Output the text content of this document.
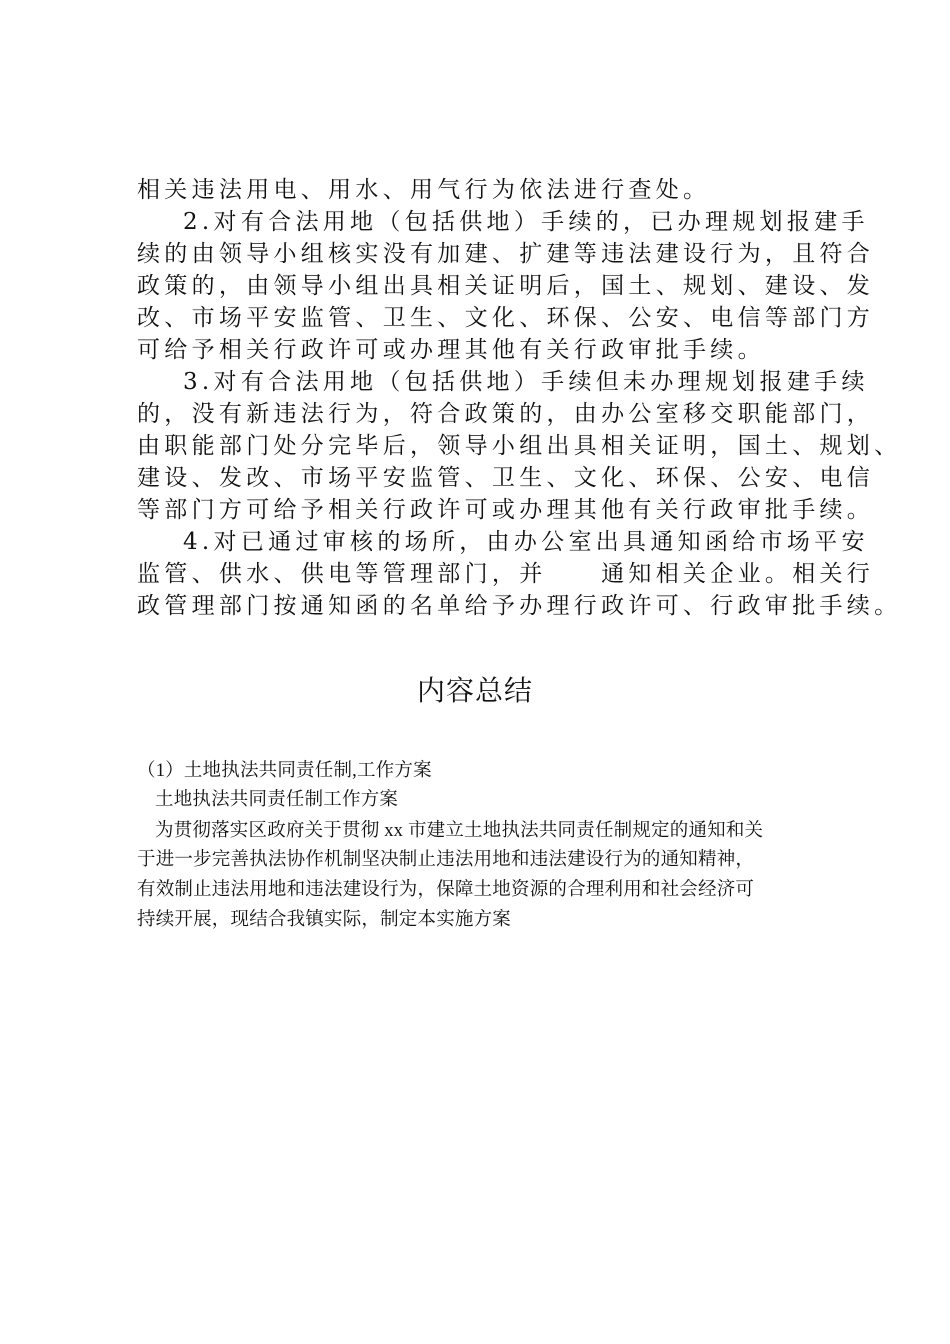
相关违法用电、用水、用气行为依法进行查处。
2.对有合法用地（包括供地）手续的，已办理规划报建手
续的由领导小组核实没有加建、扩建等违法建设行为，且符合
政策的，由领导小组出具相关证明后，国土、规划、建设、发
改、市场平安监管、卫生、文化、环保、公安、电信等部门方
可给予相关行政许可或办理其他有关行政审批手续。
3.对有合法用地（包括供地）手续但未办理规划报建手续
的，没有新违法行为，符合政策的，由办公室移交职能部门，
由职能部门处分完毕后，领导小组出具相关证明，国土、规划、
建设、发改、市场平安监管、卫生、文化、环保、公安、电信
等部门方可给予相关行政许可或办理其他有关行政审批手续。
4.对已通过审核的场所，由办公室出具通知函给市场平安
监管、供水、供电等管理部门，并　　通知相关企业。相关行
政管理部门按通知函的名单给予办理行政许可、行政审批手续。
内容总结
（1）土地执法共同责任制,工作方案
土地执法共同责任制工作方案
为贯彻落实区政府关于贯彻 xx 市建立土地执法共同责任制规定的通知和关
于进一步完善执法协作机制坚决制止违法用地和违法建设行为的通知精神，
有效制止违法用地和违法建设行为，保障土地资源的合理利用和社会经济可
持续开展，现结合我镇实际，制定本实施方案
